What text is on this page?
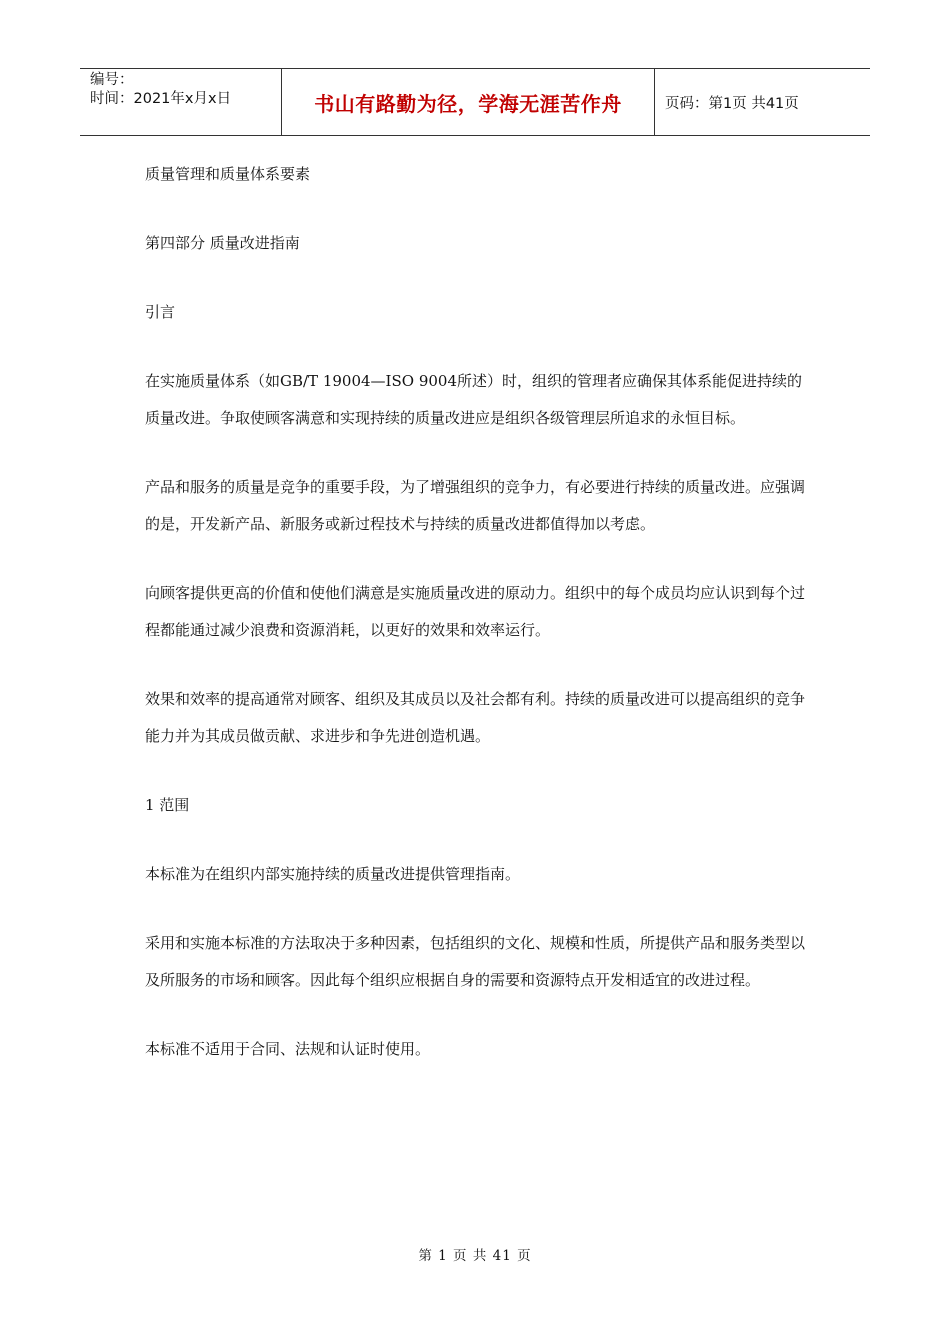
编号：
时间：2021年x月x日	书山有路勤为径，学海无涯苦作舟	页码：第1页 共41页

质量管理和质量体系要素

第四部分 质量改进指南

引言

在实施质量体系（如GB/T 19004—ISO 9004所述）时，组织的管理者应确保其体系能促进持续的质量改进。争取使顾客满意和实现持续的质量改进应是组织各级管理层所追求的永恒目标。

产品和服务的质量是竞争的重要手段，为了增强组织的竞争力，有必要进行持续的质量改进。应强调的是，开发新产品、新服务或新过程技术与持续的质量改进都值得加以考虑。

向顾客提供更高的价值和使他们满意是实施质量改进的原动力。组织中的每个成员均应认识到每个过程都能通过减少浪费和资源消耗，以更好的效果和效率运行。

效果和效率的提高通常对顾客、组织及其成员以及社会都有利。持续的质量改进可以提高组织的竞争能力并为其成员做贡献、求进步和争先进创造机遇。

1 范围

本标准为在组织内部实施持续的质量改进提供管理指南。

采用和实施本标准的方法取决于多种因素，包括组织的文化、规模和性质，所提供产品和服务类型以及所服务的市场和顾客。因此每个组织应根据自身的需要和资源特点开发相适宜的改进过程。

本标准不适用于合同、法规和认证时使用。

第 1 页 共 41 页
